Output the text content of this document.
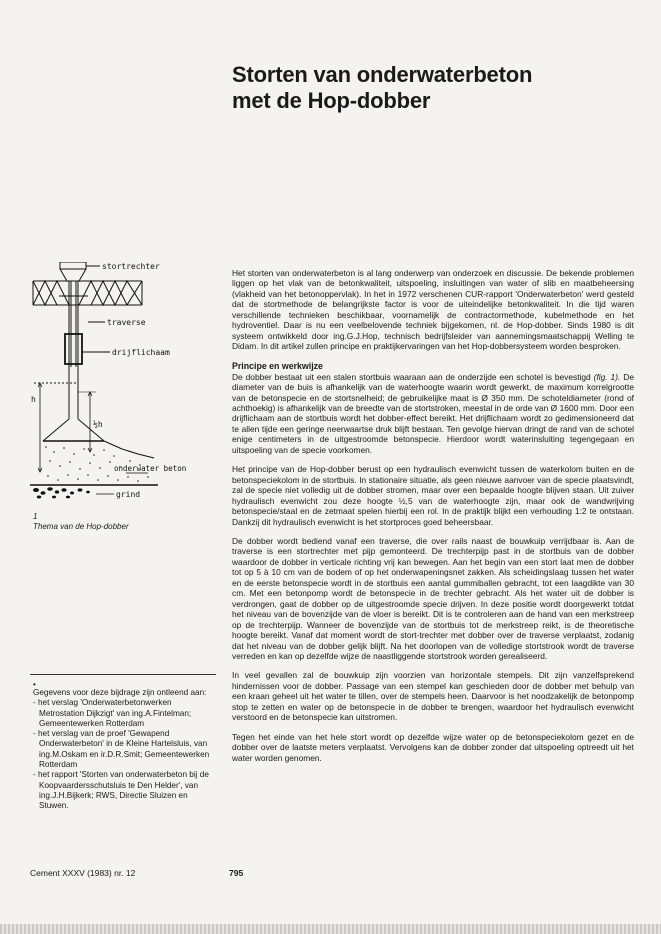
Storten van onderwaterbeton
met de Hop-dobber
stortrechter
traverse
drijflichaam
h
½h
onderwater beton
grind
1
Thema van de Hop-dobber
•

Gegevens voor deze bijdrage zijn ontleend aan:

- het verslag 'Onderwaterbetonwerken Metrostation Dijkzigt' van ing.A.Fintelman; Gemeentewerken Rotterdam
- het verslag van de proef 'Gewapend Onderwaterbeton' in de Kleine Hartelsluis, van ing.M.Oskam en ir.D.R.Smit; Gemeentewerken Rotterdam
- het rapport 'Storten van onderwaterbeton bij de Koopvaardersschutsluis te Den Helder', van ing.J.H.Bijkerk; RWS, Directie Sluizen en Stuwen.

Het storten van onderwaterbeton is al lang onderwerp van onderzoek en discussie. De bekende problemen liggen op het vlak van de betonkwaliteit, uitspoeling, insluitingen van water of slib en maatbeheersing (vlakheid van het betonoppervlak). In het in 1972 verschenen CUR-rapport 'Onderwaterbeton' werd gesteld dat de stortmethode de belangrijkste factor is voor de uiteindelijke betonkwaliteit. In die tijd waren verschillende technieken beschikbaar, voornamelijk de contractormethode, kubelmethode en het hydroventiel. Daar is nu een veelbelovende techniek bijgekomen, nl. de Hop-dobber. Sinds 1980 is dit systeem ontwikkeld door ing.G.J.Hop, technisch bedrijfsleider van aannemingsmaatschappij Welling te Didam. In dit artikel zullen principe en praktijkervaringen van het Hop-dobbersysteem worden besproken.

Principe en werkwijze

De dobber bestaat uit een stalen stortbuis waaraan aan de onderzijde een schotel is bevestigd (fig. 1). De diameter van de buis is afhankelijk van de waterhoogte waarin wordt gewerkt, de maximum korrelgrootte van de betonspecie en de stortsnelheid; de gebruikelijke maat is Ø 350 mm. De schoteldiameter (rond of achthoekig) is afhankelijk van de breedte van de stortstroken, meestal in de orde van Ø 1600 mm. Door een drijflichaam aan de stortbuis wordt het dobber-effect bereikt. Het drijflichaam wordt zo gedimensioneerd dat te allen tijde een geringe neerwaartse druk blijft bestaan. Ten gevolge hiervan dringt de rand van de schotel enige centimeters in de uitgestroomde betonspecie. Hierdoor wordt waterinsluiting tegengegaan en uitspoeling van de specie voorkomen.

Het principe van de Hop-dobber berust op een hydraulisch evenwicht tussen de waterkolom buiten en de betonspeciekolom in de stortbuis. In stationaire situatie, als geen nieuwe aanvoer van de specie plaatsvindt, zal de specie niet volledig uit de dobber stromen, maar over een bepaalde hoogte blijven staan. Uit zuiver hydraulisch evenwicht zou deze hoogte ½,5 van de waterhoogte zijn, maar ook de wandwrijving betonspecie/staal en de zetmaat spelen hierbij een rol. In de praktijk blijkt een verhouding 1:2 te ontstaan. Dankzij dit hydraulisch evenwicht is het stortproces goed beheersbaar.

De dobber wordt bediend vanaf een traverse, die over rails naast de bouwkuip verrijdbaar is. Aan de traverse is een stortrechter met pijp gemonteerd. De trechterpijp past in de stortbuis van de dobber waardoor de dobber in verticale richting vrij kan bewegen. Aan het begin van een stort laat men de dobber tot op 5 à 10 cm van de bodem of op het onderwapeningsnet zakken. Als scheidingslaag tussen het water en de eerste betonspecie wordt in de stortbuis een aantal gummiballen gebracht, tot een laagdikte van 30 cm. Met een betonpomp wordt de betonspecie in de trechter gebracht. Als het water uit de dobber is verdrongen, gaat de dobber op de uitgestroomde specie drijven. In deze positie wordt doorgewerkt totdat het niveau van de bovenzijde van de vloer is bereikt. Dit is te controleren aan de hand van een merkstreep op de trechterpijp. Wanneer de bovenzijde van de stortbuis tot de merkstreep reikt, is de theoretische hoogte bereikt. Vanaf dat moment wordt de stort-trechter met dobber over de traverse verplaatst, zodanig dat het niveau van de dobber gelijk blijft. Na het doorlopen van de volledige stortstrook wordt de traverse verreden en kan op dezelfde wijze de naastliggende stortstrook worden gerealiseerd.

In veel gevallen zal de bouwkuip zijn voorzien van horizontale stempels. Dit zijn vanzelfsprekend hindernissen voor de dobber. Passage van een stempel kan geschieden door de dobber met behulp van een kraan geheel uit het water te tillen, over de stempels heen. Daarvoor is het noodzakelijk de betonpomp stop te zetten en water op de betonspecie in de dobber te brengen, waardoor het hydraulisch evenwicht verstoord en de betonspecie kan uitstromen.

Tegen het einde van het hele stort wordt op dezelfde wijze water op de betonspeciekolom gezet en de dobber over de laatste meters verplaatst. Vervolgens kan de dobber zonder dat uitspoeling optreedt uit het water worden genomen.

Cement XXXV (1983) nr. 12	795
